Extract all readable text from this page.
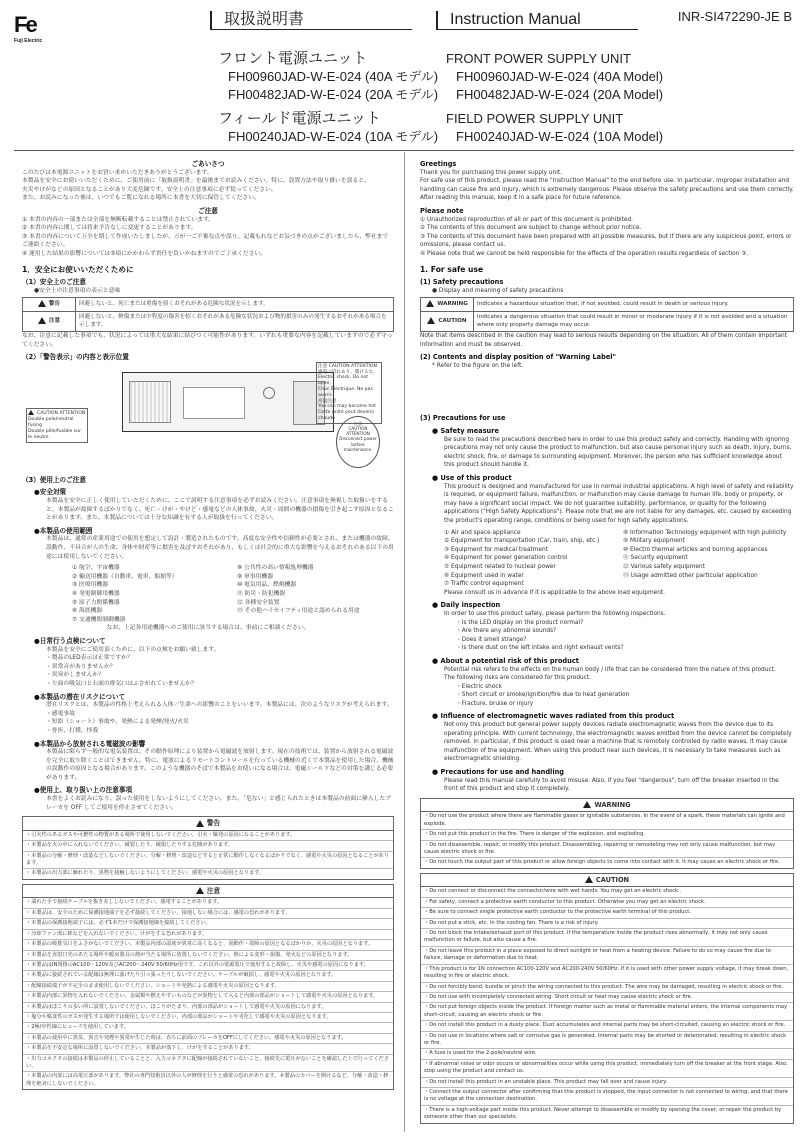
Fe
Fuji Electric
取扱説明書	Instruction Manual	INR-SI472290-JE B
フロント電源ユニット
FH00960JAD-W-E-024 (40A モデル)
FH00482JAD-W-E-024 (20A モデル)
フィールド電源ユニット
FH00240JAD-W-E-024 (10A モデル)
FRONT POWER SUPPLY UNIT
FH00960JAD-W-E-024 (40A Model)
FH00482JAD-W-E-024 (20A Model)
FIELD POWER SUPPLY UNIT
FH00240JAD-W-E-024 (10A Model)

ごあいさつ

このたびは本電源ユニットをお買い求めいただきありがとうございます。

本製品を安全にお使いいただくために、ご使用前に「取扱説明書」を最後までお読みください。特に、設置方法や取り扱いを誤ると、

火災やけがなどの原因となることがあり大変危険です。安全上の注意事項に必ず従ってください。

また、お読みになった後は、いつでもご覧になれる場所に本書を大切に保管してください。

ご注意

① 本書の内容の一部または全部を無断転載することは禁止されています。

② 本書の内容に関しては将来予告なしに変更することがあります。

③ 本書の内容について万全を期して作成いたしましたが、万が一ご不審な点や誤り、記載もれなどお気づきの点がございましたら、弊社までご連絡ください。

④ 運用した結果の影響については③項にかかわらず責任を負いかねますのでご了承ください。

1．安全にお使いいただくために

（1）安全上のご注意

●安全上の注意事項の表示と意味

警告	回避しないと、死亡または重傷を招くおそれがある危険な状況を示します。
注意	回避しないと、軽傷または中程度の傷害を招くおそれがある危険な状況および物的損害のみの発生するおそれがある場合を示します。

なお、注意に記載した事項でも、状況によっては重大な結果に結びつく可能性があります。いずれも重要な内容を記載していますので必ず守ってください。

（2）「警告表示」の内容と表示位置

CAUTION ATTENTION
Double pole/neutral fusing
Double pôle/fusible sur le neutre
注意 CAUTION ATTENTION
感電の恐れあり、開けるな。
Electric shock. Do not open.
Choc Électrique. Ne pas ouvrir.
高温注意
You can may become hot
Cette unité peut devenir chaude
注意
CAUTION
ATTENTION
Disconnect power before maintenance.

（3）使用上のご注意

●安全対策

本製品を安全に正しく使用していただくために、ここで説明する注意事項を必ずお読みください。注意事項を無視した取扱いをすると、本製品が故障するばかりでなく、死亡・けが・やけど・感電などの人体事故、火災・周囲の機器の損傷を引き起こす原因となることがあります。また、本製品については十分な知識を有する人が取扱を行ってください。

●本製品の使用範囲

本製品は、通常の産業用途での使用を想定して設計・製造されたものです。高度な安全性や信頼性が必要とされ、または機器の故障、誤動作、不具合が人の生命、身体や財産等に損害を及ぼすおそれがあり、もしくは社会的に重大な影響を与えるおそれのある以下の用途には使用しないでください。

① 航空、宇宙機器	⑧ 公共性の高い情報処理機器
② 輸送用機器（自動車、電車、船舶等）	⑨ 軍事用機器
③ 医療用機器	⑩ 電気用品、燃焼機器
④ 発電制御用機器	⑪ 防災・防犯機器
⑤ 原子力関係機器	⑫ 各種安全装置
⑥ 海底機器	⑬ その他ハイセイフティ用途と認められる用途
⑦ 交通機関制御機器

なお、上記各用途機器へのご使用に該当する場合は、事前にご相談ください。

●日常行う点検について

本製品を安全にご使用頂くために、以下の点検をお願い致します。

・製品のLED表示は正常ですか？

・異常音がありませんか？

・異臭がしませんか？

・左面の吸気口と右面の排気口はふさがれていませんか？

●本製品の潜在リスクについて

潜在リスクとは、本製品の性格上考えられる人体／生命への影響のことをいいます。本製品には、次のようなリスクが考えられます。

・感電事故

・短絡（ショート）事故や、発熱による発煙/発火/火災

・骨折、打撲、怪我

●本製品から放射される電磁波の影響

本製品に限らず一般的な電気装置は、その動作原理により装置から電磁波を放射します。現在の技術では、装置から放射される電磁波を完全に取り除くことはできません。特に、電波によるリモートコントロールを行っている機械の近くで本製品を使用した場合、機械の誤動作の原因となる場合があります。このような機器のそばで本製品をお使いになる場合は、電磁シールドなどの対策を講じる必要があります。

●使用上、取り扱い上の注意事項

本書をよくお読みになり、誤った使用をしないようにしてください。また、「危ない」と感じられたときは本製品の前面に挿入したブレーカを OFF してご使用を停止させてください。

警告
・引火性のあるガスや可燃性の物質がある場所で使用しないでください。引火・爆発の原因になることがあります。
・本製品を火の中に入れないでください。破裂したり、破損したりする危険があります。
・本製品の分解・修理・改造などしないでください。分解・修理・改造などすると正常に動作しなくなるばかりでなく、感電や火災の原因となることがあります。
・本製品の出力部に触れたり、異物を接触しないようにしてください。感電や火災の原因となります。
注意
・濡れた手で接続ケーブルを抜き差ししないでください。感電することがあります。
・本製品は、安全のために保護接地端子を必ず接続してください。接地しない場合には、感電の恐れがあります。
・本製品の保護接地端子には、必ず1本だけで保護接地線を接続してください。
・冷却ファン部に棒などを入れないでください。けがをする恐れがあります。
・本製品の吸排気口をふさがないでください。本製品内部の温度が異常に高くなると、誤動作・故障の原因となるばかりか、火災の原因となります。
・本製品を直射日光のあたる場所や暖房器具の熱が当たる場所に放置しないでください。熱による変形・損傷、発火などの原因となります。
・本製品はIN規格のAC100〜120V及びAC200〜240V 50/60Hz用です。これ以外の電源電圧で使用すると故障し、火災や感電の原因になります。
・本製品に接続されている配線は無理に曲げたり引っ張ったりしないでください。ケーブルが破損し、感電や火災の原因となります。
・配線接続端子が不完全のまま使用しないでください。ショートや発熱による感電や火災の原因となります。
・本製品内部に異物を入れないでください。金属類や燃えやすいものなどが異物として入ると内部の部品がショートして感電や火災の原因となります。
・本製品はほこりの多い所に設置しないでください。ほこりがたまり、内部の部品がショートして感電や火災の原因になります。
・塩分や腐食性のガスが発生する場所では使用しないでください。内部の部品がショートや劣化して感電や火災の原因となります。
・2極/中性線にヒューズを使用しています。
・本製品の使用中に異臭、異音や発煙や異常が生じた時は、直ちに前面のブレーカをOFFにしてください。感電や火災の原因となります。
・本製品を不安定な場所に設置しないでください。本製品が落下し、けがをすることがあります。
・出力コネクタの接続は本製品の停止していることと、入力コネクタに配線が接続されていないこと、接続先に電圧がないことを確認した上で行ってください。
・本製品の内部には高電圧部があります。弊社の専門技術員以外の人が修理を行うと感電の恐れがあります。本製品のカバーを開けるなど、分解・改造・修理を絶対にしないでください。

Greetings

Thank you for purchasing this power supply unit.

For safe use of this product, please read the "Instruction Manual" to the end before use. In particular, improper installation and

handling can cause fire and injury, which is extremely dangerous. Please observe the safety precautions and use them correctly.

After reading this manual, keep it in a safe place for future reference.

Please note

① Unauthorized reproduction of all or part of this document is prohibited.

② The contents of this document are subject to change without prior notice.

③ The contents of this document have been prepared with all possible measures, but if there are any suspicious point, errors or omissions, please contact us.

④ Please note that we cannot be held responsible for the effects of the operation results regardless of section ③.

1. For safe use

(1) Safety precautions

● Display and meaning of safety precautions

WARNING	Indicates a hazardous situation that, if not avoided, could result in death or serious injury.
CAUTION	Indicates a dangerous situation that could result in minor or moderate injury if it is not avoided and a situation where only property damage may occur.

Note that items described in the caution may lead to serious results depending on the situation. All of them contain important information and must be observed.

(2) Contents and display position of "Warning Label"

* Refer to the figure on the left.

(3) Precautions for use

● Safety measure

Be sure to read the precautions described here in order to use this product safely and correctly. Handling with ignoring precautions may not only cause the product to malfunction, but also cause personal injury such as death, injury, burns, electric shock, fire, or damage to surrounding equipment. Moreover, the person who has sufficient knowledge about this product should handle it.

● Use of this product

This product is designed and manufactured for use in normal industrial applications. A high level of safety and reliability is required, or equipment failure, malfunction, or malfunction may cause damage to human life, body or property, or may have a significant social impact. We do not guarantee suitability, performance, or quality for the following applications ("High Safety Applications"). Please note that we are not liable for any damages, etc. caused by exceeding the product's operating range, conditions or being used for high safety applications.

① Air and space appliance	⑧ Information Technology equipment with high publicity
② Equipment for transportation (Car, train, ship, etc.)	⑨ Military equipment
③ Equipment for medical treatment	⑩ Electro thermal articles and burning appliances
④ Equipment for power generation control	⑪ Security equipment
⑤ Equipment related to nuclear power	⑫ Various safety equipment
⑥ Equipment used in water	⑬ Usage admitted other particular application
⑦ Traffic control equipment

Please consult us in advance if it is applicable to the above load equipment.

● Daily inspection

In order to use this product safely, please perform the following inspections.

・Is the LED display on the product normal?

・Are there any abnormal sounds?

・Does it smell strange?

・Is there dust on the left intake and right exhaust vents?

● About a potential risk of this product

Potential risk refers to the effects on the human body / life that can be considered from the nature of this product.

The following risks are considered for this product.

・Electric shock

・Short circuit or smoke/ignition/fire due to heat generation

・Fracture, bruise or injury

● Influence of electromagnetic waves radiated from this product

Not only this product but general power supply devices radiate electromagnetic waves from the device due to its operating principle. With current technology, the electromagnetic waves emitted from the device cannot be completely removed. In particular, if this product is used near a machine that is remotely controlled by radio waves, it may cause malfunction of the equipment. When using this product near such devices, it is necessary to take measures such as electromagnetic shielding.

● Precautions for use and handling

Please read this manual carefully to avoid misuse. Also, if you feel "dangerous", turn off the breaker inserted in the front of this product and stop it completely.

WARNING
・Do not use the product where there are flammable gases or ignitable substances. In the event of a spark, these materials can ignite and explode.
・Do not put this product in the fire. There is danger of the explosion, and exploding.
・Do not disassemble, repair, or modify this product. Disassembling, repairing or remodeling may not only cause malfunction, but may cause electric shock or fire.
・Do not touch the output part of this product or allow foreign objects to come into contact with it. It may cause an electric shock or fire.
CAUTION
・Do not connect or disconnect the connector/wire with wet hands. You may get an electric shock .
・For safety, connect a protective earth conductor to this product. Otherwise you may get an electric shock.
・Be sure to connect single protective earth conductor to the protective earth terminal of this product.
・Do not put a stick, etc. in the cooling fan. There is a risk of injury.
・Do not block the intake/exhaust port of this product. If the temperature inside the product rises abnormally, it may not only cause malfunction or failure, but also cause a fire.
・Do not leave this product in a place exposed to direct sunlight or heat from a heating device. Failure to do so may cause fire due to failure, damage or deformation due to heat.
・This product is for 1N connection AC100-120V and AC200-240V 50/60Hz. If it is used with other power supply voltage, it may break down, resulting in fire or electric shock.
・Do not forcibly bend, bundle or pinch the wiring connected to this product. The wire may be damaged, resulting in electric shock or fire.
・Do not use with incompletely connected wiring. Short circuit or heat may cause electric shock or fire.
・Do not put foreign objects inside the product. If foreign matter such as metal or flammable material enters, the internal components may short-circuit, causing an electric shock or fire.
・Do not install this product in a dusty place. Dust accumulates and internal parts may be short-circuited, causing an electric shock or fire.
・Do not use in locations where salt or corrosive gas is generated. Internal parts may be shorted or deteriorated, resulting in electric shock or fire.
・A fuse is used for the 2-pole/neutral wire.
・If abnormal noise or odor occurs or abnormalities occur while using this product, immediately turn off the breaker at the front stage. Also, stop using the product and contact us.
・Do not install this product in an unstable place. This product may fall over and cause injury.
・Connect the output connector after confirming that this product is stopped, the input connector is not connected to wiring, and that there is no voltage at the connection destination.
・There is a high-voltage part inside this product. Never attempt to disassemble or modify by opening the cover, or repair the product by someone other than our specialists.
